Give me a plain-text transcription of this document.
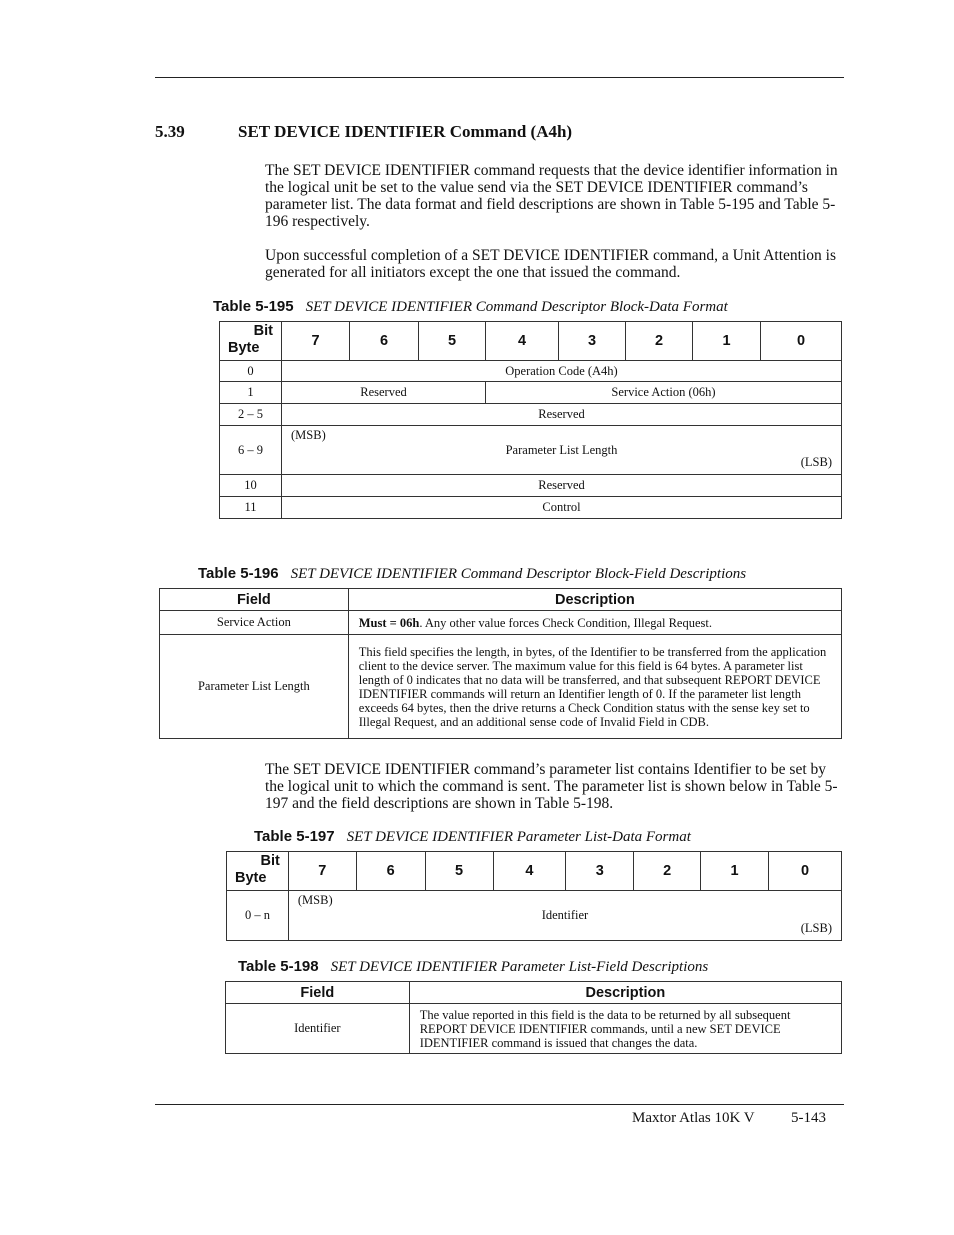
5.39	SET DEVICE IDENTIFIER Command (A4h)

The SET DEVICE IDENTIFIER command requests that the device identifier information in the logical unit be set to the value send via the SET DEVICE IDENTIFIER command’s parameter list. The data format and field descriptions are shown in Table 5-195 and Table 5-196 respectively.

Upon successful completion of a SET DEVICE IDENTIFIER command, a Unit Attention is generated for all initiators except the one that issued the command.

Table 5-195 SET DEVICE IDENTIFIER Command Descriptor Block-Data Format
Bit
Byte	7	6	5	4	3	2	1	0
0	Operation Code (A4h)							
1	Reserved			Service Action (06h)				
2 – 5	Reserved							
6 – 9	(MSB)
Parameter List Length
(LSB)							

10	Reserved							
11	Control							
Table 5-196 SET DEVICE IDENTIFIER Command Descriptor Block-Field Descriptions
Field	Description
Service Action	Must = 06h. Any other value forces Check Condition, Illegal Request.
Parameter List Length	This field specifies the length, in bytes, of the Identifier to be transferred from the application client to the device server. The maximum value for this field is 64 bytes. A parameter list length of 0 indicates that no data will be transferred, and that subsequent REPORT DEVICE IDENTIFIER commands will return an Identifier length of 0. If the parameter list length exceeds 64 bytes, then the drive returns a Check Condition status with the sense key set to Illegal Request, and an additional sense code of Invalid Field in CDB.

The SET DEVICE IDENTIFIER command’s parameter list contains Identifier to be set by the logical unit to which the command is sent. The parameter list is shown below in Table 5-197 and the field descriptions are shown in Table 5-198.

Table 5-197 SET DEVICE IDENTIFIER Parameter List-Data Format
Bit
Byte	7	6	5	4	3	2	1	0
0 – n	(MSB)
Identifier
(LSB)							
Table 5-198 SET DEVICE IDENTIFIER Parameter List-Field Descriptions
Field	Description
Identifier	The value reported in this field is the data to be returned by all subsequent REPORT DEVICE IDENTIFIER commands, until a new SET DEVICE IDENTIFIER command is issued that changes the data.
Maxtor Atlas 10K V 5-143
